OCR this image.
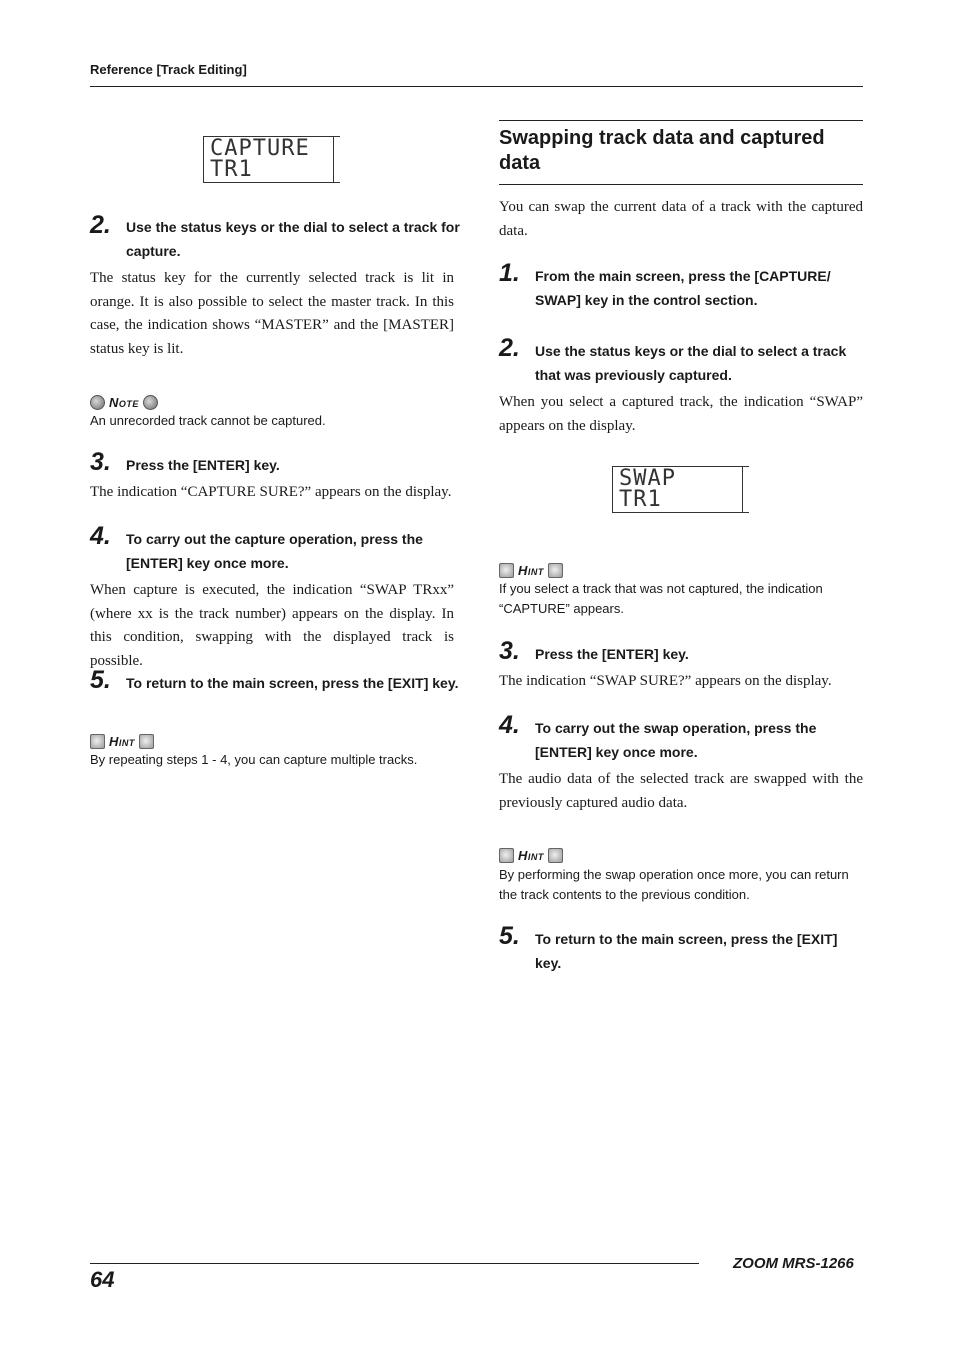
Reference [Track Editing]
CAPTURE
TR1
2. Use the status keys or the dial to select a track for capture.
The status key for the currently selected track is lit in orange. It is also possible to select the master track. In this case, the indication shows “MASTER” and the [MASTER] status key is lit.
Note
An unrecorded track cannot be captured.
3. Press the [ENTER] key.
The indication “CAPTURE SURE?” appears on the display.
4. To carry out the capture operation, press the [ENTER] key once more.
When capture is executed, the indication “SWAP TRxx” (where xx is the track number) appears on the display. In this condition, swapping with the displayed track is possible.
5. To return to the main screen, press the [EXIT] key.
Hint
By repeating steps 1 - 4, you can capture multiple tracks.
Swapping track data and captured data
You can swap the current data of a track with the captured data.
1. From the main screen, press the [CAPTURE/ SWAP] key in the control section.
2. Use the status keys or the dial to select a track that was previously captured.
When you select a captured track, the indication “SWAP” appears on the display.
SWAP
TR1
Hint
If you select a track that was not captured, the indication “CAPTURE” appears.
3. Press the [ENTER] key.
The indication “SWAP SURE?” appears on the display.
4. To carry out the swap operation, press the [ENTER] key once more.
The audio data of the selected track are swapped with the previously captured audio data.
Hint
By performing the swap operation once more, you can return the track contents to the previous condition.
5. To return to the main screen, press the [EXIT] key.
ZOOM MRS-1266
64
